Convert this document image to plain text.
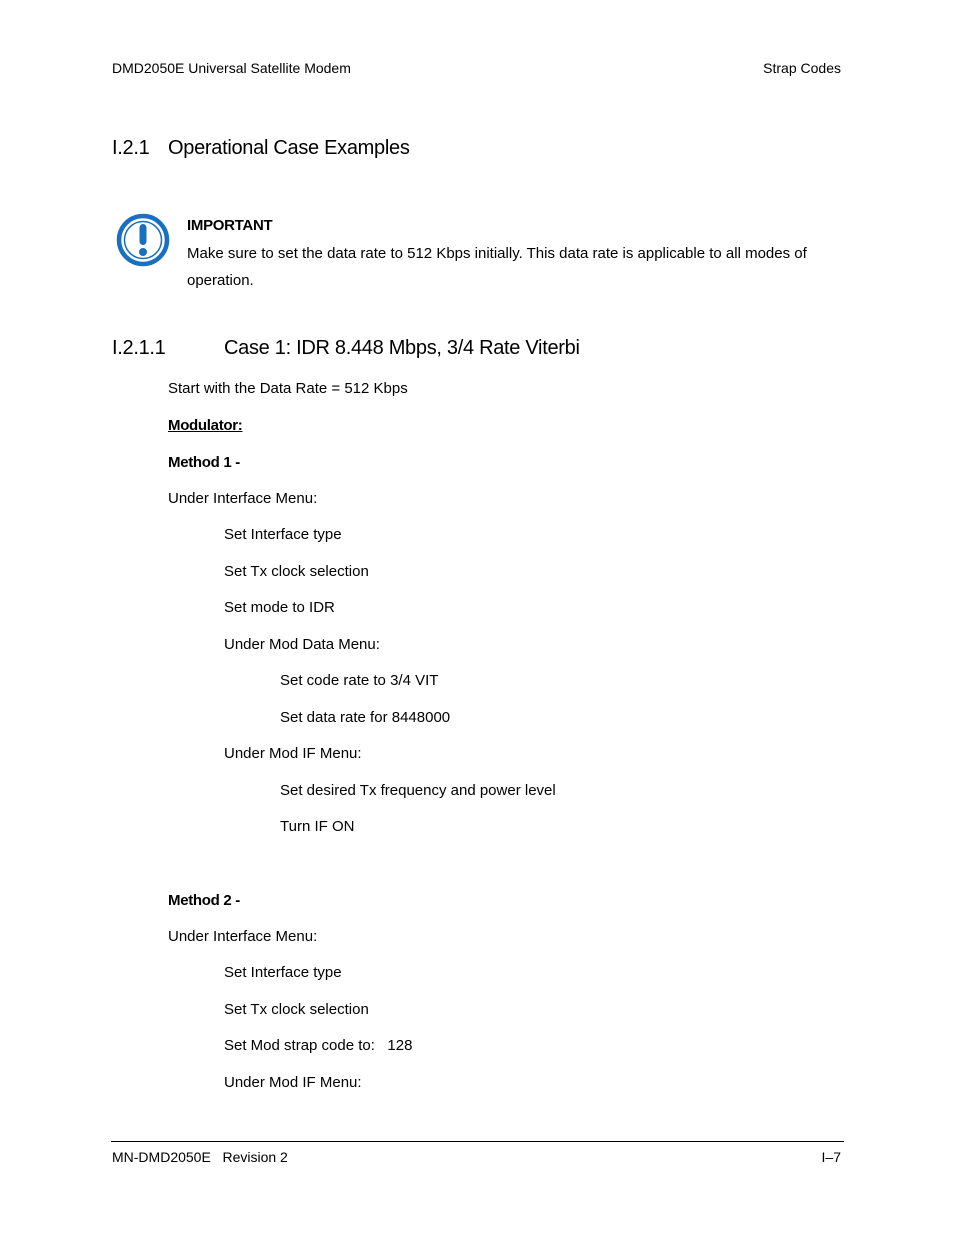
DMD2050E Universal Satellite Modem	Strap Codes
I.2.1 Operational Case Examples
IMPORTANT
Make sure to set the data rate to 512 Kbps initially. This data rate is applicable to all modes of
operation.
I.2.1.1	Case 1: IDR 8.448 Mbps, 3/4 Rate Viterbi
Start with the Data Rate = 512 Kbps
Modulator:
Method 1 -
Under Interface Menu:
Set Interface type
Set Tx clock selection
Set mode to IDR
Under Mod Data Menu:
Set code rate to 3/4 VIT
Set data rate for 8448000
Under Mod IF Menu:
Set desired Tx frequency and power level
Turn IF ON
Method 2 -
Under Interface Menu:
Set Interface type
Set Tx clock selection
Set Mod strap code to:   128
Under Mod IF Menu:
MN-DMD2050E   Revision 2	I–7
